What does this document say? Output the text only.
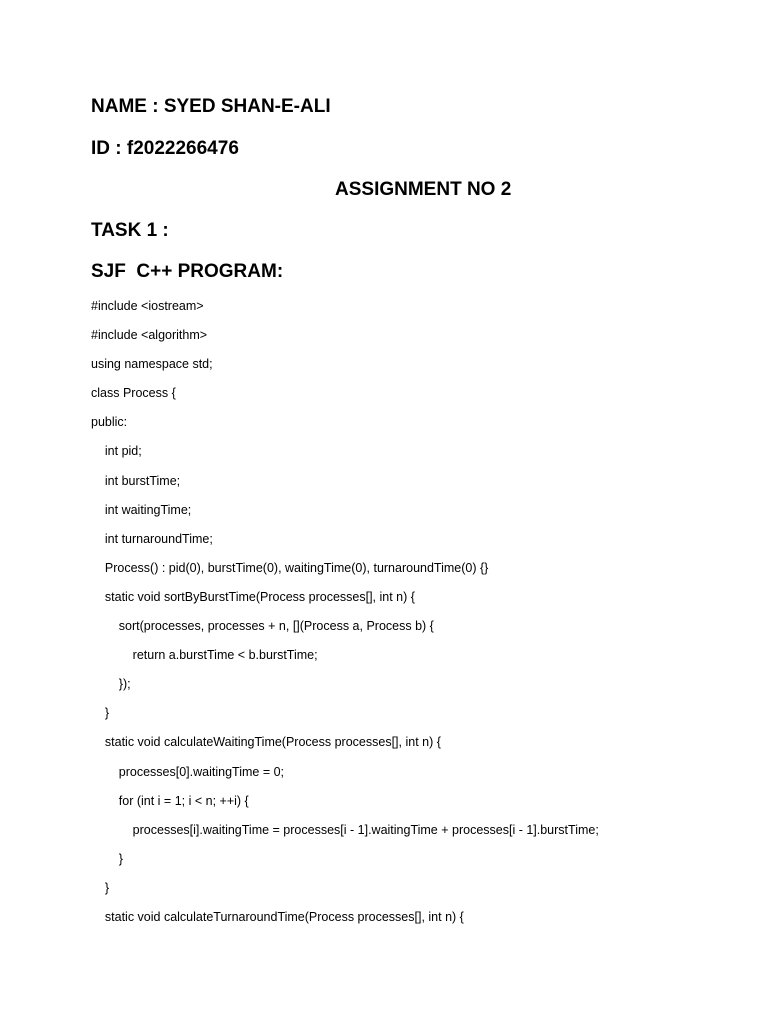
NAME : SYED SHAN-E-ALI
ID : f2022266476
ASSIGNMENT NO 2
TASK 1 :
SJF  C++ PROGRAM:
#include <iostream>
#include <algorithm>
using namespace std;
class Process {
public:
int pid;
int burstTime;
int waitingTime;
int turnaroundTime;
Process() : pid(0), burstTime(0), waitingTime(0), turnaroundTime(0) {}
static void sortByBurstTime(Process processes[], int n) {
sort(processes, processes + n, [](Process a, Process b) {
return a.burstTime < b.burstTime;
});
}
static void calculateWaitingTime(Process processes[], int n) {
processes[0].waitingTime = 0;
for (int i = 1; i < n; ++i) {
processes[i].waitingTime = processes[i - 1].waitingTime + processes[i - 1].burstTime;
}
}
static void calculateTurnaroundTime(Process processes[], int n) {
